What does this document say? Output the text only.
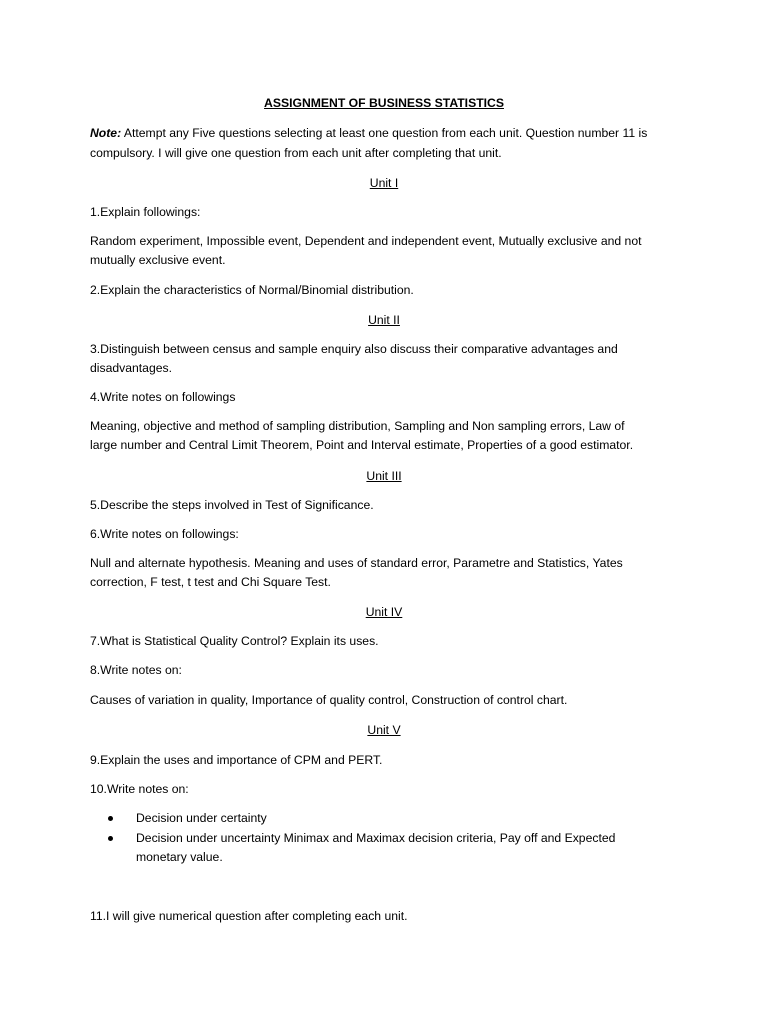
ASSIGNMENT OF BUSINESS STATISTICS
Note: Attempt any Five questions selecting at least one question from each unit. Question number 11 is
compulsory. I will give one question from each unit after completing that unit.
Unit I
1.Explain followings:
Random experiment, Impossible event, Dependent and independent event, Mutually exclusive and not
mutually exclusive event.
2.Explain the characteristics of Normal/Binomial distribution.
Unit II
3.Distinguish between census and sample enquiry also discuss their comparative advantages and
disadvantages.
4.Write notes on followings
Meaning, objective and method of sampling distribution, Sampling and Non sampling errors, Law of
large number and Central Limit Theorem, Point and Interval estimate, Properties of a good estimator.
Unit III
5.Describe the steps involved in Test of Significance.
6.Write notes on followings:
Null and alternate hypothesis. Meaning and uses of standard error, Parametre and Statistics, Yates
correction, F test, t test and Chi Square Test.
Unit IV
7.What is Statistical Quality Control? Explain its uses.
8.Write notes on:
Causes of variation in quality, Importance of quality control, Construction of control chart.
Unit V
9.Explain the uses and importance of CPM and PERT.
10.Write notes on:
Decision under certainty
Decision under uncertainty Minimax and Maximax decision criteria, Pay off and Expected
monetary value.
11.I will give numerical question after completing each unit.
